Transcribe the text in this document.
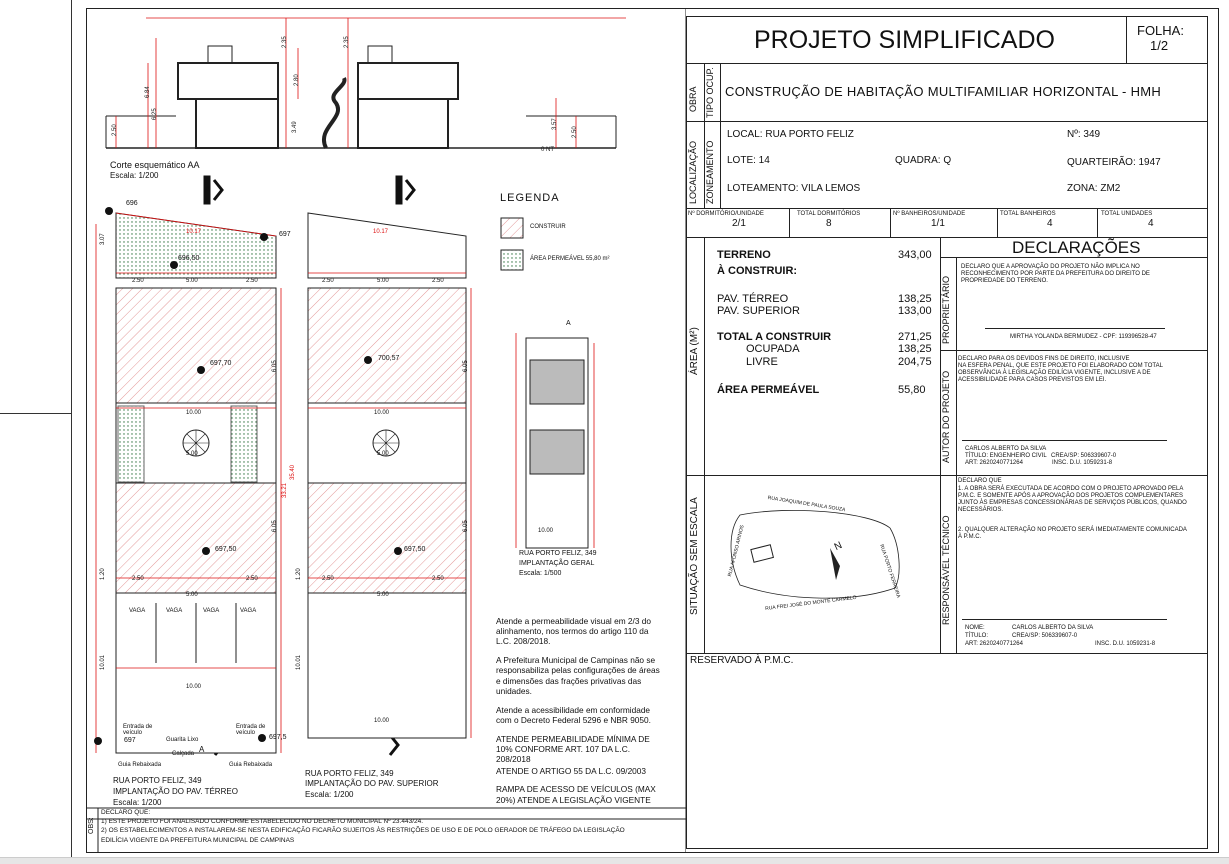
6.84
6.25
2.35
2.80
2.35
2.50
3.57
2.50
3.49
0 NT
Corte esquemático AA
Escala: 1/200
A	A
A
A
LEGENDA
CONSTRUIR
ÁREA PERMEÁVEL 55,80 m²
696
697
696,50
697,70
700,57
697,50	697,50
697	697,5
10.17	10.17
2.50	5.00	2.50	2.50	5.00	2.50
10.00	10.00
5.00	5.00
2.50	2.50	2.50	2.50
5.00	5.00
10.00
10.00
10.00
3.07
6.05
6.05
6.05
6.05
35.40
33.21
1.20	1.20
10.01	10.01
VAGA	VAGA	VAGA	VAGA
Entrada de veículo
Entrada de veículo
Guarita Lixo
Calçada
Guia Rebaixada	Guia Rebaixada
RUA PORTO FELIZ, 349
IMPLANTAÇÃO DO PAV. TÉRREO
Escala: 1/200
RUA PORTO FELIZ, 349
IMPLANTAÇÃO DO PAV. SUPERIOR
Escala: 1/200
RUA PORTO FELIZ, 349
IMPLANTAÇÃO GERAL
Escala: 1/500
Atende a permeabilidade visual em 2/3 do alinhamento, nos termos do artigo 110 da L.C. 208/2018.
A Prefeitura Municipal de Campinas não se responsabiliza pelas configurações de áreas e dimensões das frações privativas das unidades.
Atende a acessibilidade em conformidade com o Decreto Federal 5296 e NBR 9050.
ATENDE PERMEABILIDADE MÍNIMA DE 10% CONFORME ART. 107 DA L.C. 208/2018
ATENDE O ARTIGO 55 DA L.C. 09/2003
RAMPA DE ACESSO DE VEÍCULOS (MAX 20%) ATENDE A LEGISLAÇÃO VIGENTE
OBS:
DECLARO QUE:
1) ESTE PROJETO FOI ANALISADO CONFORME ESTABELECIDO NO DECRETO MUNICIPAL Nº 23.443/24.
2) OS ESTABELECIMENTOS A INSTALAREM-SE NESTA EDIFICAÇÃO FICARÃO SUJEITOS ÀS RESTRIÇÕES DE USO E DE POLO GERADOR DE TRÁFEGO DA LEGISLAÇÃO
EDILÍCIA VIGENTE DA PREFEITURA MUNICIPAL DE CAMPINAS
PROJETO SIMPLIFICADO	FOLHA:
1/2
OBRA TIPO OCUP. CONSTRUÇÃO DE HABITAÇÃO MULTIFAMILIAR HORIZONTAL - HMH
LOCALIZAÇÃO ZONEAMENTO
LOCAL: RUA PORTO FELIZ	Nº: 349
LOTE: 14	QUADRA: Q	QUARTEIRÃO: 1947
LOTEAMENTO: VILA LEMOS	ZONA: ZM2
Nº DORMITÓRIO/UNIDADE
2/1
TOTAL DORMITÓRIOS
8
Nº BANHEIROS/UNIDADE
1/1
TOTAL BANHEIROS
4
TOTAL UNIDADES
4
ÁREA (M²)
TERRENO	343,00
À CONSTRUIR:
PAV. TÉRREO	138,25
PAV. SUPERIOR	133,00
TOTAL A CONSTRUIR	271,25
OCUPADA	138,25
LIVRE	204,75
ÁREA PERMEÁVEL	55,80
DECLARAÇÕES
PROPRIETÁRIO
DECLARO QUE A APROVAÇÃO DO PROJETO NÃO IMPLICA NO
RECONHECIMENTO POR PARTE DA PREFEITURA DO DIREITO DE
PROPRIEDADE DO TERRENO.
MIRTHA YOLANDA BERMUDEZ - CPF: 119396528-47
AUTOR DO PROJETO
DECLARO PARA OS DEVIDOS FINS DE DIREITO, INCLUSIVE
NA ESFERA PENAL, QUE ESTE PROJETO FOI ELABORADO COM TOTAL
OBSERVÂNCIA À LEGISLAÇÃO EDILÍCIA VIGENTE, INCLUSIVE A DE
ACESSIBILIDADE PARA CASOS PREVISTOS EM LEI.
CARLOS ALBERTO DA SILVA
TÍTULO: ENGENHEIRO CIVIL CREA/SP: 506339607-0
ART: 2620240771264	INSC. D.U. 1059231-8
RESPONSÁVEL TÉCNICO
DECLARO QUE
1. A OBRA SERÁ EXECUTADA DE ACORDO COM O PROJETO APROVADO PELA
P.M.C. E SOMENTE APÓS A APROVAÇÃO DOS PROJETOS COMPLEMENTARES
JUNTO ÀS EMPRESAS CONCESSIONÁRIAS DE SERVIÇOS PÚBLICOS, QUANDO
NECESSÁRIOS.
2. QUALQUER ALTERAÇÃO NO PROJETO SERÁ IMEDIATAMENTE COMUNICADA
À P.M.C.
NOME:	CARLOS ALBERTO DA SILVA
TÍTULO:	CREA/SP: 506339607-0
ART: 2620240771264	INSC. D.U. 1059231-8
SITUAÇÃO SEM ESCALA	RUA JOAQUIM DE PAULA SOUZA
RUA AFONSO ARINOS	RUA PORTO FERREIRA
RUA FREI JOSÉ DO MONTE CARMELO
N
RESERVADO À P.M.C.
